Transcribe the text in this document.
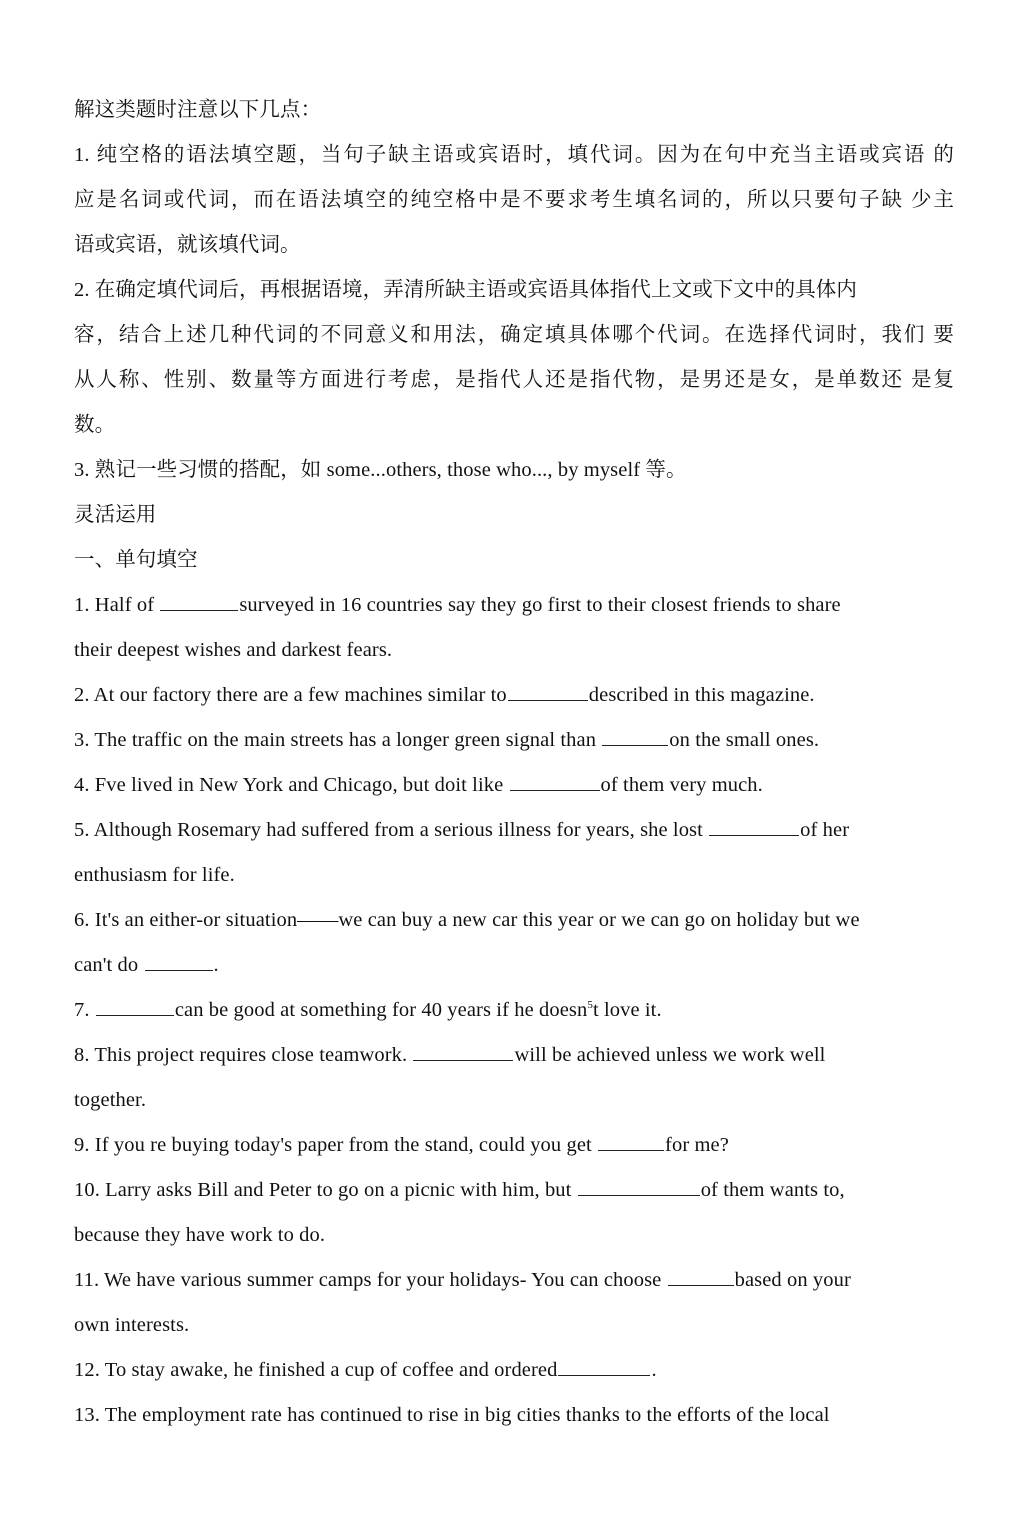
解这类题时注意以下几点：
1. 纯空格的语法填空题，当句子缺主语或宾语时，填代词。因为在句中充当主语或宾语 的
应是名词或代词，而在语法填空的纯空格中是不要求考生填名词的，所以只要句子缺 少主
语或宾语，就该填代词。
2. 在确定填代词后，再根据语境，弄清所缺主语或宾语具体指代上文或下文中的具体内
容，结合上述几种代词的不同意义和用法，确定填具体哪个代词。在选择代词时，我们 要
从人称、性别、数量等方面进行考虑，是指代人还是指代物，是男还是女，是单数还 是复
数。
3. 熟记一些习惯的搭配，如 some...others, those who..., by myself 等。
灵活运用
一、单句填空
1. Half of	surveyed in 16 countries say they go first to their closest friends to share
their deepest wishes and darkest fears.
2. At our factory there are a few machines similar to	described in this magazine.
3. The traffic on the main streets has a longer green signal than	on the small ones.
4. Fve lived in New York and Chicago, but doit like	of them very much.
5. Although Rosemary had suffered from a serious illness for years, she lost	of her
enthusiasm for life.
6. It's an either-or situation——we can buy a new car this year or we can go on holiday but we
can't do	.
7.	can be good at something for 40 years if he doesn$^5$t love it.
8. This project requires close teamwork.	will be achieved unless we work well
together.
9. If you re buying today's paper from the stand, could you get	for me?
10. Larry asks Bill and Peter to go on a picnic with him, but	of them wants to,
because they have work to do.
11. We have various summer camps for your holidays- You can choose	based on your
own interests.
12. To stay awake, he finished a cup of coffee and ordered	.
13. The employment rate has continued to rise in big cities thanks to the efforts of the local
